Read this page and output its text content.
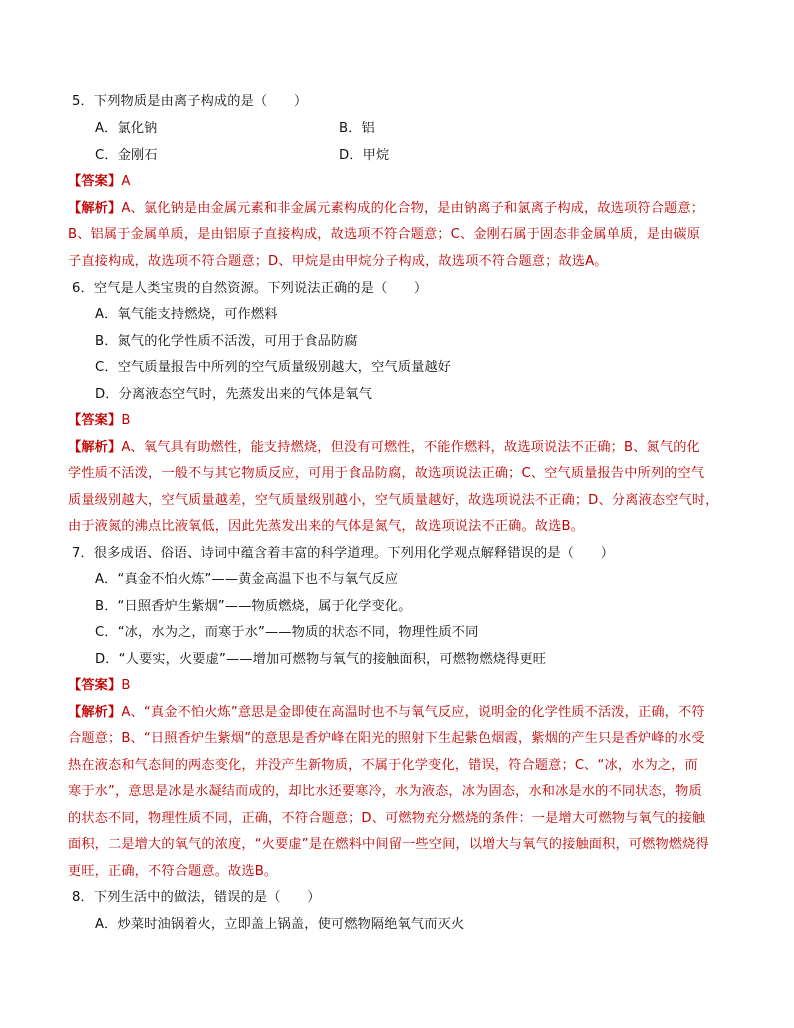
5．下列物质是由离子构成的是（　　）
A．氯化钠	B．铝
C．金刚石	D．甲烷
【答案】A
【解析】A、氯化钠是由金属元素和非金属元素构成的化合物，是由钠离子和氯离子构成，故选项符合题意；
B、铝属于金属单质，是由铝原子直接构成，故选项不符合题意；C、金刚石属于固态非金属单质，是由碳原
子直接构成，故选项不符合题意；D、甲烷是由甲烷分子构成，故选项不符合题意；故选A。
6．空气是人类宝贵的自然资源。下列说法正确的是（　　）
A．氧气能支持燃烧，可作燃料
B．氮气的化学性质不活泼，可用于食品防腐
C．空气质量报告中所列的空气质量级别越大，空气质量越好
D．分离液态空气时，先蒸发出来的气体是氧气
【答案】B
【解析】A、氧气具有助燃性，能支持燃烧，但没有可燃性，不能作燃料，故选项说法不正确；B、氮气的化
学性质不活泼，一般不与其它物质反应，可用于食品防腐，故选项说法正确；C、空气质量报告中所列的空气
质量级别越大，空气质量越差，空气质量级别越小，空气质量越好，故选项说法不正确；D、分离液态空气时，
由于液氮的沸点比液氧低，因此先蒸发出来的气体是氮气，故选项说法不正确。故选B。
7．很多成语、俗语、诗词中蕴含着丰富的科学道理。下列用化学观点解释错误的是（　　）
A．“真金不怕火炼”——黄金高温下也不与氧气反应
B．“日照香炉生紫烟”——物质燃烧，属于化学变化。
C．“冰，水为之，而寒于水”——物质的状态不同，物理性质不同
D．“人要实，火要虚”——增加可燃物与氧气的接触面积，可燃物燃烧得更旺
【答案】B
【解析】A、“真金不怕火炼”意思是金即使在高温时也不与氧气反应，说明金的化学性质不活泼，正确，不符
合题意；B、“日照香炉生紫烟”的意思是香炉峰在阳光的照射下生起紫色烟霞，紫烟的产生只是香炉峰的水受
热在液态和气态间的两态变化，并没产生新物质，不属于化学变化，错误，符合题意；C、“冰，水为之，而
寒于水”，意思是冰是水凝结而成的，却比水还要寒冷，水为液态，冰为固态，水和冰是水的不同状态，物质
的状态不同，物理性质不同，正确，不符合题意；D、可燃物充分燃烧的条件：一是增大可燃物与氧气的接触
面积，二是增大的氧气的浓度，“火要虚”是在燃料中间留一些空间，以增大与氧气的接触面积，可燃物燃烧得
更旺，正确，不符合题意。故选B。
8．下列生活中的做法，错误的是（　　）
A．炒菜时油锅着火，立即盖上锅盖，使可燃物隔绝氧气而灭火
